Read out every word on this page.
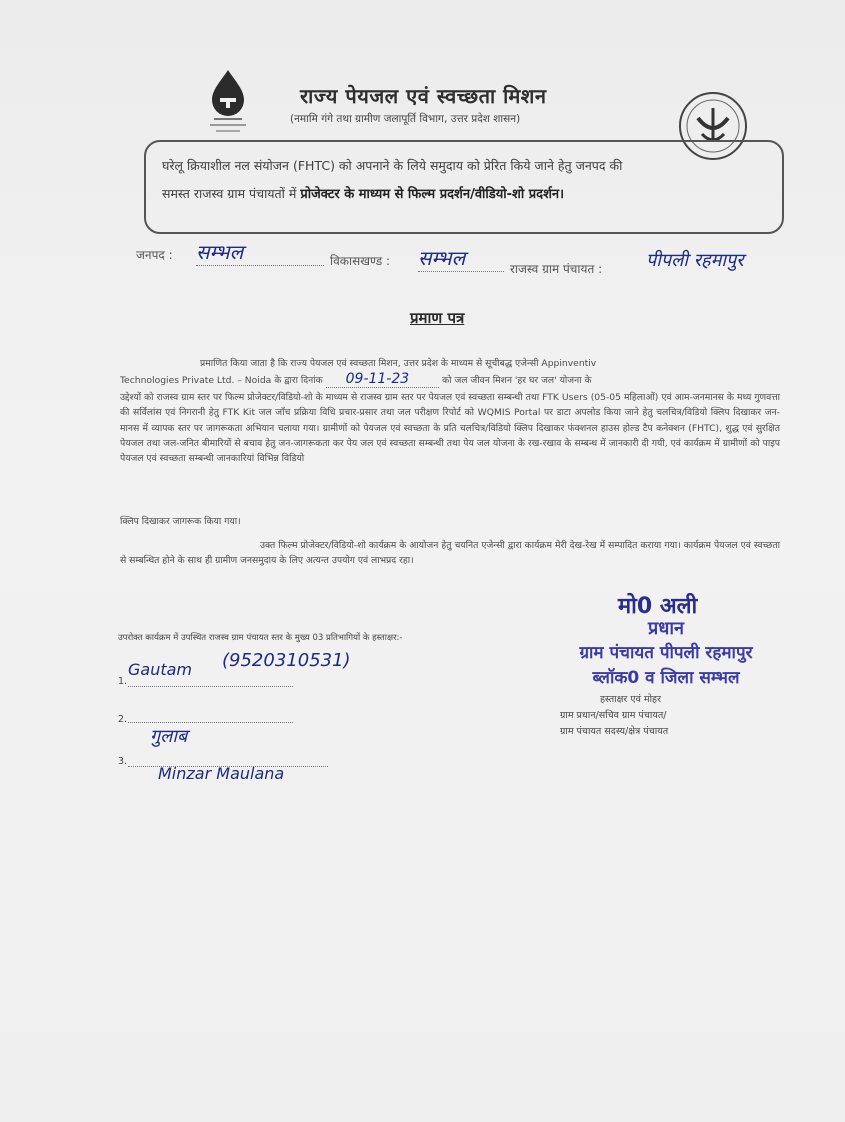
राज्य पेयजल एवं स्वच्छता मिशन
(नमामि गंगे तथा ग्रामीण जलापूर्ति विभाग, उत्तर प्रदेश शासन)
घरेलू क्रियाशील नल संयोजन (FHTC) को अपनाने के लिये समुदाय को प्रेरित किये जाने हेतु जनपद की
समस्त राजस्व ग्राम पंचायतों में प्रोजेक्टर के माध्यम से फिल्म प्रदर्शन/वीडियो-शो प्रदर्शन।
जनपद : सम्भल	विकासखण्ड : सम्भल	राजस्व ग्राम पंचायत : पीपली रहमापुर
प्रमाण पत्र
प्रमाणित किया जाता है कि राज्य पेयजल एवं स्वच्छता मिशन, उत्तर प्रदेश के माध्यम से सूचीबद्ध एजेन्सी Appinventiv
Technologies Private Ltd. – Noida के द्वारा दिनांक 09-11-23	को जल जीवन मिशन 'हर घर जल' योजना के
उद्देश्यों को राजस्व ग्राम स्तर पर फिल्म प्रोजेक्टर/विडियो-शो के माध्यम से राजस्व ग्राम स्तर पर पेयजल एवं स्वच्छता सम्बन्धी तथा FTK Users (05-05 महिलाओं) एवं आम-जनमानस के मध्य गुणवत्ता की सर्विलांस एवं निगरानी हेतु FTK Kit जल जाँच प्रक्रिया विधि प्रचार-प्रसार तथा जल परीक्षण रिपोर्ट को WQMIS Portal पर डाटा अपलोड किया जाने हेतु चलचित्र/विडियो क्लिप दिखाकर जन-मानस में व्यापक स्तर पर जागरूकता अभियान चलाया गया। ग्रामीणों को पेयजल एवं स्वच्छता के प्रति चलचित्र/विडियो क्लिप दिखाकर फंक्शनल हाउस होल्ड टैप कनेक्शन (FHTC), शुद्ध एवं सुरक्षित पेयजल तथा जल-जनित बीमारियों से बचाव हेतु जन-जागरूकता कर पेय जल एवं स्वच्छता सम्बन्धी तथा पेय जल योजना के रख-रखाव के सम्बन्ध में जानकारी दी गयी, एवं कार्यक्रम में ग्रामीणों को पाइप पेयजल एवं स्वच्छता सम्बन्धी जानकारियां विभिन्न विडियो
क्लिप दिखाकर जागरूक किया गया।
उक्त फिल्म प्रोजेक्टर/विडियो-शो कार्यक्रम के आयोजन हेतु चयनित एजेन्सी द्वारा कार्यक्रम मेरी देख-रेख में सम्पादित कराया गया। कार्यक्रम पेयजल एवं स्वच्छता से सम्बन्धित होने के साथ ही ग्रामीण जनसमुदाय के लिए अत्यन्त उपयोग एवं लाभप्रद रहा।
मो0 अली
प्रधान
ग्राम पंचायत पीपली रहमापुर
ब्लॉक0 व जिला सम्भल
हस्ताक्षर एवं मोहर
ग्राम प्रधान/सचिव ग्राम पंचायत/
ग्राम पंचायत सदस्य/क्षेत्र पंचायत
उपरोक्त कार्यक्रम में उपस्थित राजस्व ग्राम पंचायत स्तर के मुख्य 03 प्रतिभागियों के हस्ताक्षर:-
1.
Gautam	(9520310531)
2.
गुलाब
3.
Minzar Maulana
